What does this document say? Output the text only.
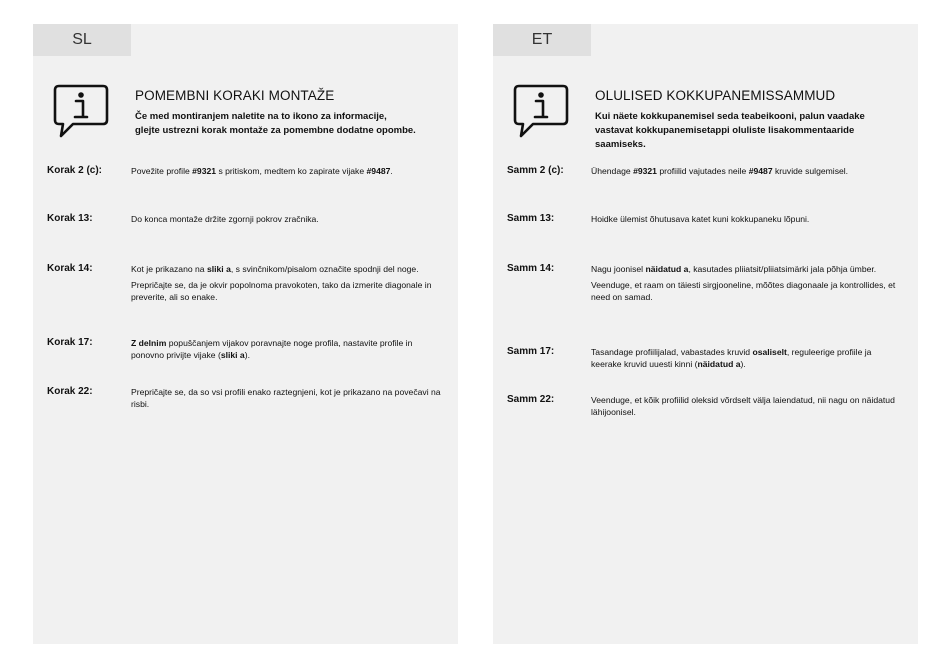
SL
POMEMBNI KORAKI MONTAŽE
Če med montiranjem naletite na to ikono za informacije,
glejte ustrezni korak montaže za pomembne dodatne opombe.
Korak 2 (c):	Povežite profile #9321 s pritiskom, medtem ko zapirate vijake #9487.

Korak 13:	Do konca montaže držite zgornji pokrov zračnika.

Korak 14:	Kot je prikazano na sliki a, s svinčnikom/pisalom označite spodnji del noge.

Prepričajte se, da je okvir popolnoma pravokoten, tako da izmerite diagonale in preverite, ali so enake.

Korak 17:	Z delnim popuščanjem vijakov poravnajte noge profila, nastavite profile in ponovno privijte vijake (sliki a).

Korak 22:	Prepričajte se, da so vsi profili enako raztegnjeni, kot je prikazano na povečavi na risbi.

ET
OLULISED KOKKUPANEMISSAMMUD
Kui näete kokkupanemisel seda teabeikooni, palun vaadake
vastavat kokkupanemisetappi oluliste lisakommentaaride saamiseks.
Samm 2 (c):	Ühendage #9321 profiilid vajutades neile #9487 kruvide sulgemisel.

Samm 13:	Hoidke ülemist õhutusava katet kuni kokkupaneku lõpuni.

Samm 14:	Nagu joonisel näidatud a, kasutades pliiatsit/pliiatsimärki jala põhja ümber.

Veenduge, et raam on täiesti sirgjooneline, mõõtes diagonaale ja kontrollides, et need on samad.

Samm 17:	Tasandage profiilijalad, vabastades kruvid osaliselt, reguleerige profiile ja keerake kruvid uuesti kinni (näidatud a).

Samm 22:	Veenduge, et kõik profiilid oleksid võrdselt välja laiendatud, nii nagu on näidatud lähijoonisel.
